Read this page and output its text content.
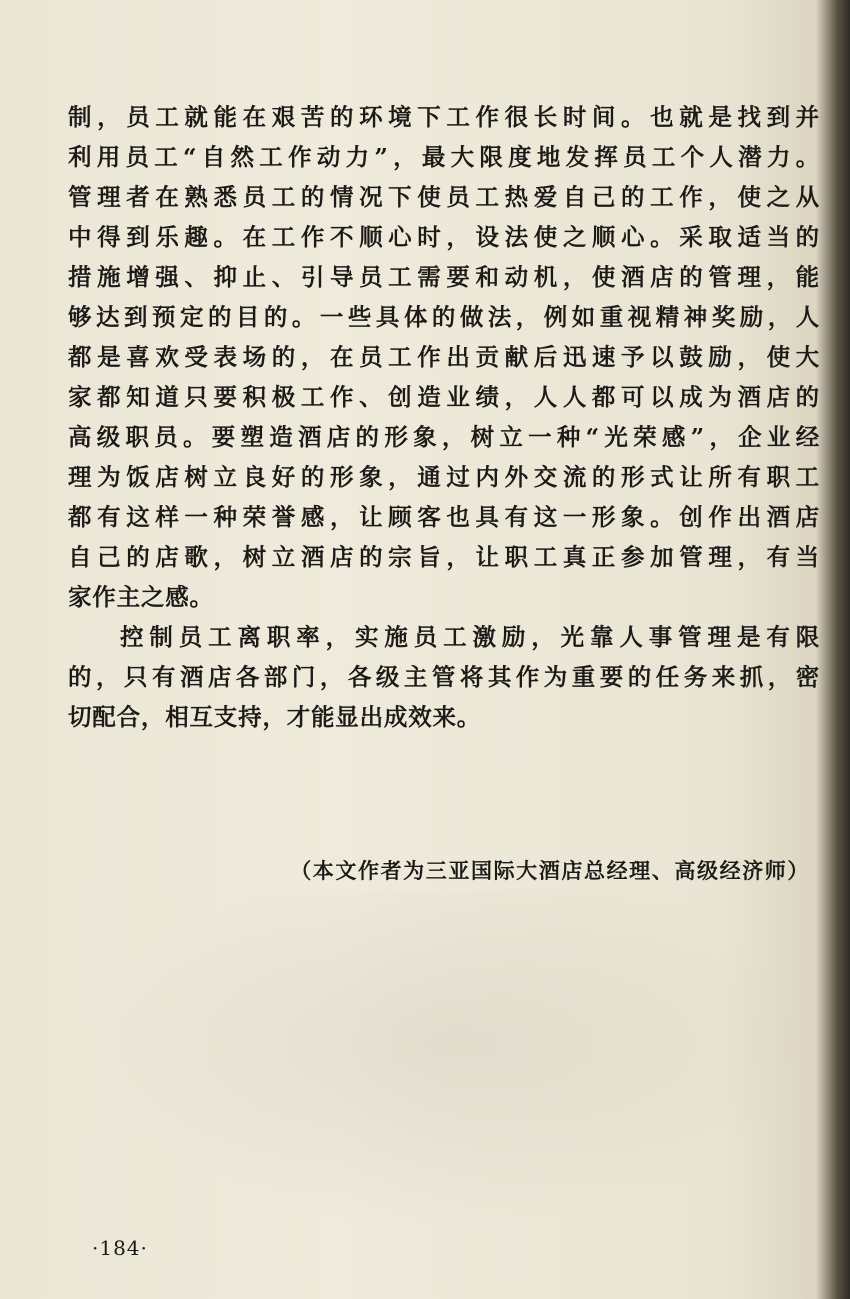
制，员工就能在艰苦的环境下工作很长时间。也就是找到并
利用员工“自然工作动力”，最大限度地发挥员工个人潜力。
管理者在熟悉员工的情况下使员工热爱自己的工作，使之从
中得到乐趣。在工作不顺心时，设法使之顺心。采取适当的
措施增强、抑止、引导员工需要和动机，使酒店的管理，能
够达到预定的目的。一些具体的做法，例如重视精神奖励，人
都是喜欢受表场的，在员工作出贡献后迅速予以鼓励，使大
家都知道只要积极工作、创造业绩，人人都可以成为酒店的
高级职员。要塑造酒店的形象，树立一种“光荣感”，企业经
理为饭店树立良好的形象，通过内外交流的形式让所有职工
都有这样一种荣誉感，让顾客也具有这一形象。创作出酒店
自己的店歌，树立酒店的宗旨，让职工真正参加管理，有当
家作主之感。
控制员工离职率，实施员工激励，光靠人事管理是有限
的，只有酒店各部门，各级主管将其作为重要的任务来抓，密
切配合，相互支持，才能显出成效来。
（本文作者为三亚国际大酒店总经理、高级经济师）
·184·
